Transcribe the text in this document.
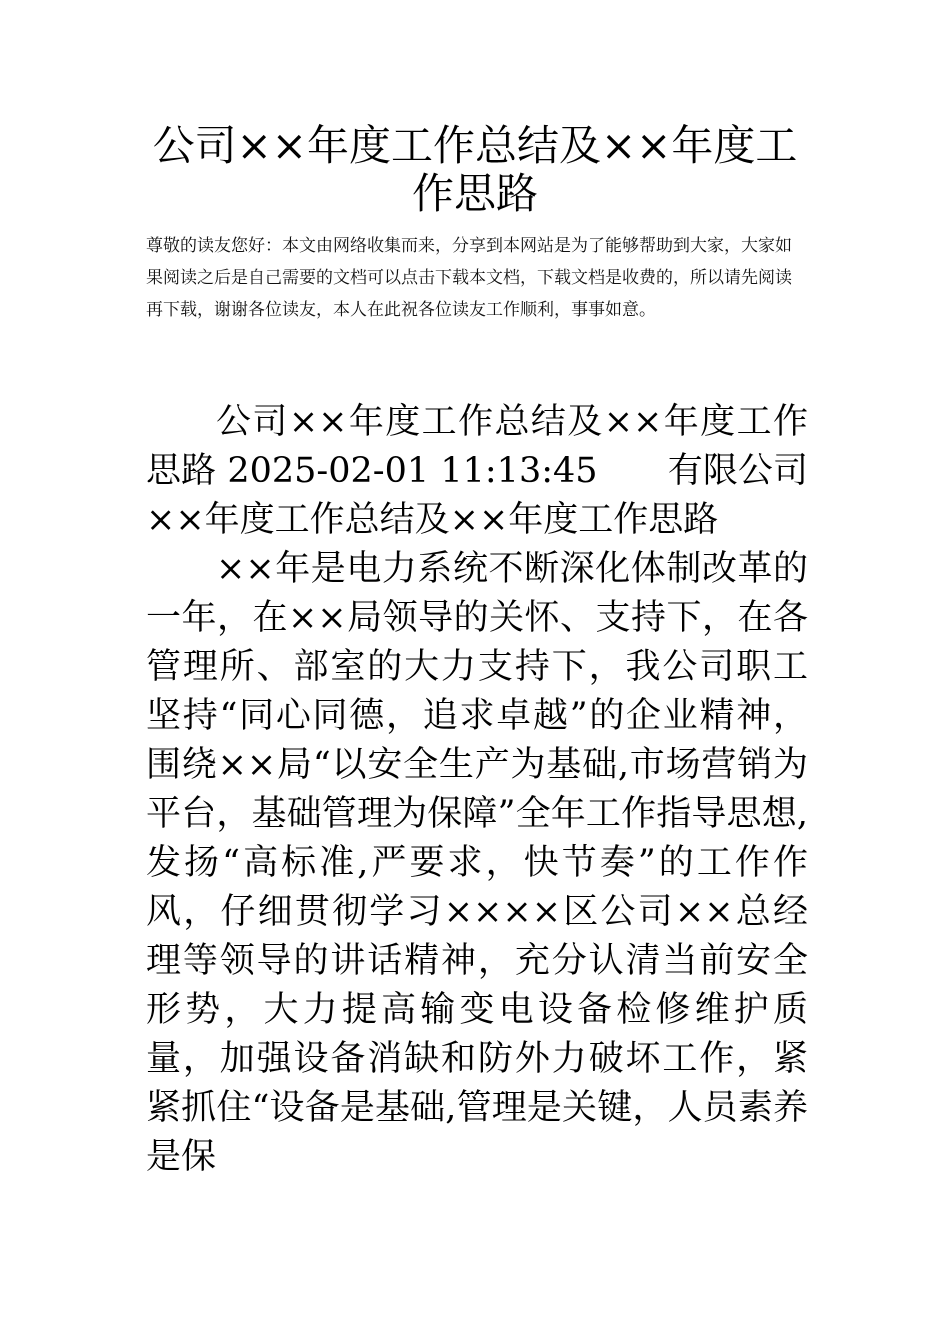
公司××年度工作总结及××年度工作思路

尊敬的读友您好：本文由网络收集而来，分享到本网站是为了能够帮助到大家，大家如果阅读之后是自己需要的文档可以点击下载本文档，下载文档是收费的，所以请先阅读再下载，谢谢各位读友，本人在此祝各位读友工作顺利，事事如意。

公司××年度工作总结及××年度工作思路 2025-02-01 11:13:45　　有限公司××年度工作总结及××年度工作思路

××年是电力系统不断深化体制改革的一年，在××局领导的关怀、支持下，在各管理所、部室的大力支持下，我公司职工坚持“同心同德，追求卓越”的企业精神，围绕××局“以安全生产为基础,市场营销为平台，基础管理为保障”全年工作指导思想,发扬“高标准,严要求，快节奏”的工作作风，仔细贯彻学习××××区公司××总经理等领导的讲话精神，充分认清当前安全形势，大力提高输变电设备检修维护质量，加强设备消缺和防外力破坏工作，紧紧抓住“设备是基础,管理是关键，人员素养是保
